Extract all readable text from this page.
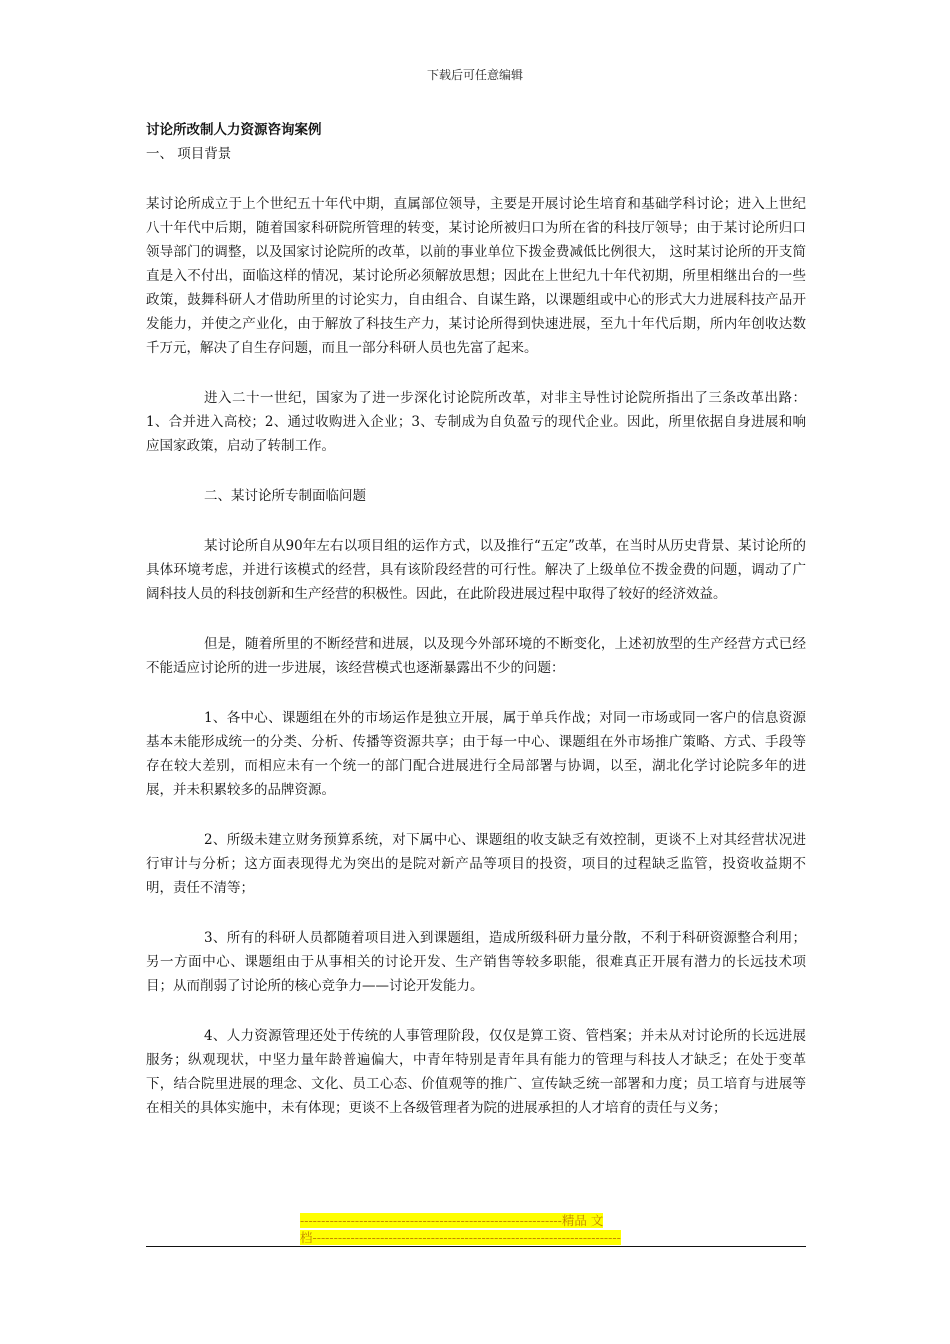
下载后可任意编辑

讨论所改制人力资源咨询案例

一、 项目背景

某讨论所成立于上个世纪五十年代中期，直属部位领导，主要是开展讨论生培育和基础学科讨论；进入上世纪八十年代中后期，随着国家科研院所管理的转变，某讨论所被归口为所在省的科技厅领导；由于某讨论所归口领导部门的调整，以及国家讨论院所的改革，以前的事业单位下拨金费减低比例很大， 这时某讨论所的开支简直是入不付出，面临这样的情况，某讨论所必须解放思想；因此在上世纪九十年代初期，所里相继出台的一些政策，鼓舞科研人才借助所里的讨论实力，自由组合、自谋生路，以课题组或中心的形式大力进展科技产品开发能力，并使之产业化，由于解放了科技生产力，某讨论所得到快速进展，至九十年代后期，所内年创收达数千万元，解决了自生存问题，而且一部分科研人员也先富了起来。

进入二十一世纪，国家为了进一步深化讨论院所改革，对非主导性讨论院所指出了三条改革出路：1、合并进入高校；2、通过收购进入企业；3、专制成为自负盈亏的现代企业。因此，所里依据自身进展和响应国家政策，启动了转制工作。

二、某讨论所专制面临问题

某讨论所自从90年左右以项目组的运作方式，以及推行“五定”改革，在当时从历史背景、某讨论所的具体环境考虑，并进行该模式的经营，具有该阶段经营的可行性。解决了上级单位不拨金费的问题，调动了广阔科技人员的科技创新和生产经营的积极性。因此，在此阶段进展过程中取得了较好的经济效益。

但是，随着所里的不断经营和进展，以及现今外部环境的不断变化，上述初放型的生产经营方式已经不能适应讨论所的进一步进展，该经营模式也逐渐暴露出不少的问题：

1、各中心、课题组在外的市场运作是独立开展，属于单兵作战；对同一市场或同一客户的信息资源基本未能形成统一的分类、分析、传播等资源共享；由于每一中心、课题组在外市场推广策略、方式、手段等存在较大差别，而相应未有一个统一的部门配合进展进行全局部署与协调，以至，湖北化学讨论院多年的进展，并未积累较多的品牌资源。

2、所级未建立财务预算系统，对下属中心、课题组的收支缺乏有效控制，更谈不上对其经营状况进行审计与分析；这方面表现得尤为突出的是院对新产品等项目的投资，项目的过程缺乏监管，投资收益期不明，责任不清等；

3、所有的科研人员都随着项目进入到课题组，造成所级科研力量分散，不利于科研资源整合利用；另一方面中心、课题组由于从事相关的讨论开发、生产销售等较多职能，很难真正开展有潜力的长远技术项目；从而削弱了讨论所的核心竞争力——讨论开发能力。

4、人力资源管理还处于传统的人事管理阶段，仅仅是算工资、管档案；并未从对讨论所的长远进展服务；纵观现状，中坚力量年龄普遍偏大，中青年特别是青年具有能力的管理与科技人才缺乏；在处于变革下，结合院里进展的理念、文化、员工心态、价值观等的推广、宣传缺乏统一部署和力度；员工培育与进展等在相关的具体实施中，未有体现；更谈不上各级管理者为院的进展承担的人才培育的责任与义务；

--------------------------------------------------------------精品 文
档-------------------------------------------------------------------------
